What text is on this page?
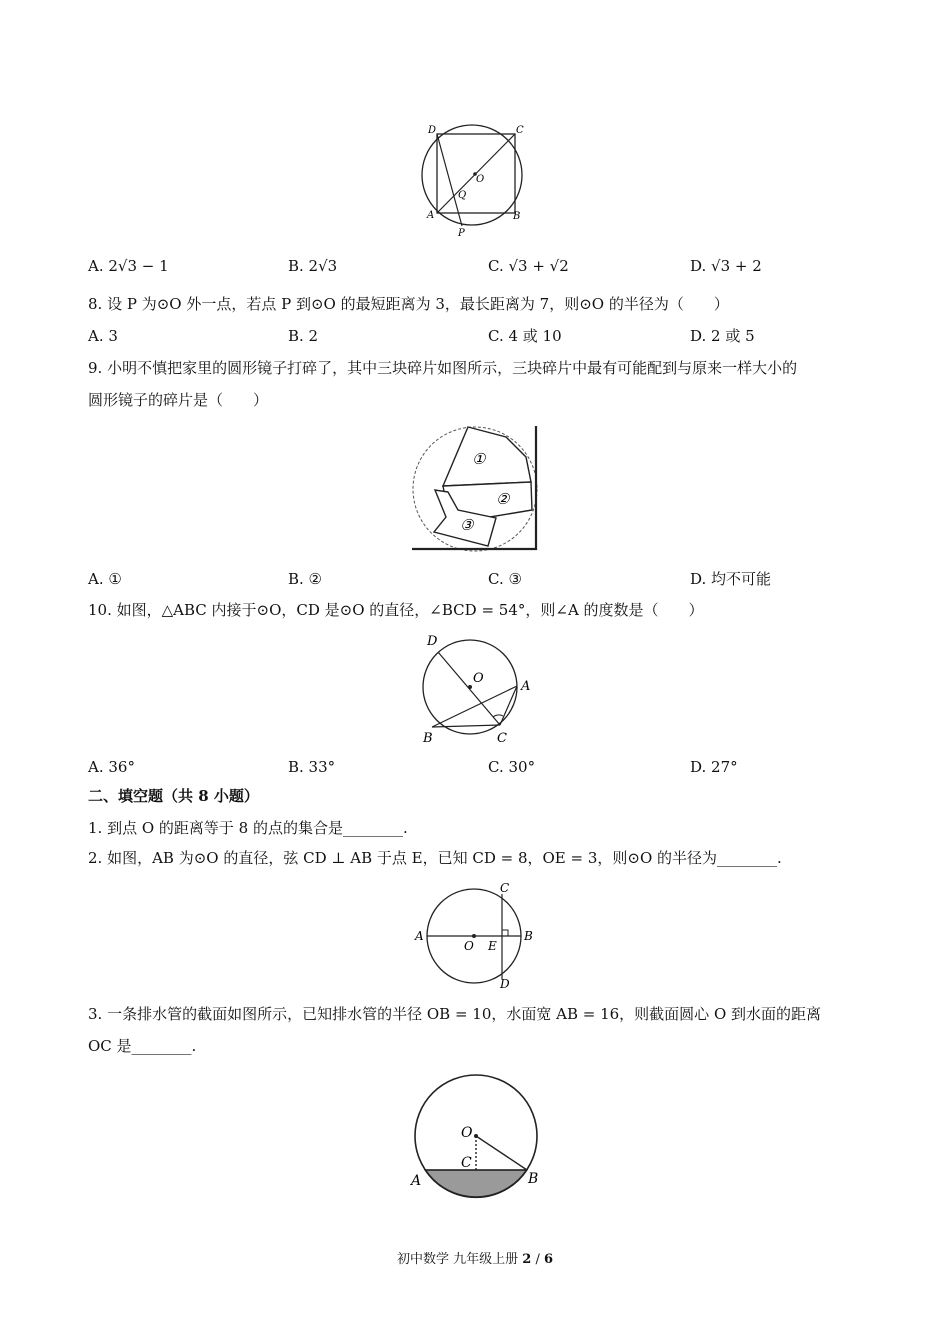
D	C
O
Q
A	B
P
A. 2√3 − 1	B. 2√3	C. √3 + √2	D. √3 + 2
8. 设 P 为⊙O 外一点，若点 P 到⊙O 的最短距离为 3，最长距离为 7，则⊙O 的半径为（　　）
A. 3	B. 2	C. 4 或 10	D. 2 或 5
9. 小明不慎把家里的圆形镜子打碎了，其中三块碎片如图所示，三块碎片中最有可能配到与原来一样大小的
圆形镜子的碎片是（　　）
①
②
③
A. ①	B. ②	C. ③	D. 均不可能
10. 如图，△ABC 内接于⊙O，CD 是⊙O 的直径，∠BCD = 54°，则∠A 的度数是（　　）
D
O
A
B	C
A. 36°	B. 33°	C. 30°	D. 27°
二、填空题（共 8 小题）
1. 到点 O 的距离等于 8 的点的集合是________.
2. 如图，AB 为⊙O 的直径，弦 CD ⊥ AB 于点 E，已知 CD = 8，OE = 3，则⊙O 的半径为________.
A	B
C
D
O E
3. 一条排水管的截面如图所示，已知排水管的半径 OB = 10，水面宽 AB = 16，则截面圆心 O 到水面的距离
OC 是________.
O
C
A	B
初中数学 九年级上册 2 / 6
